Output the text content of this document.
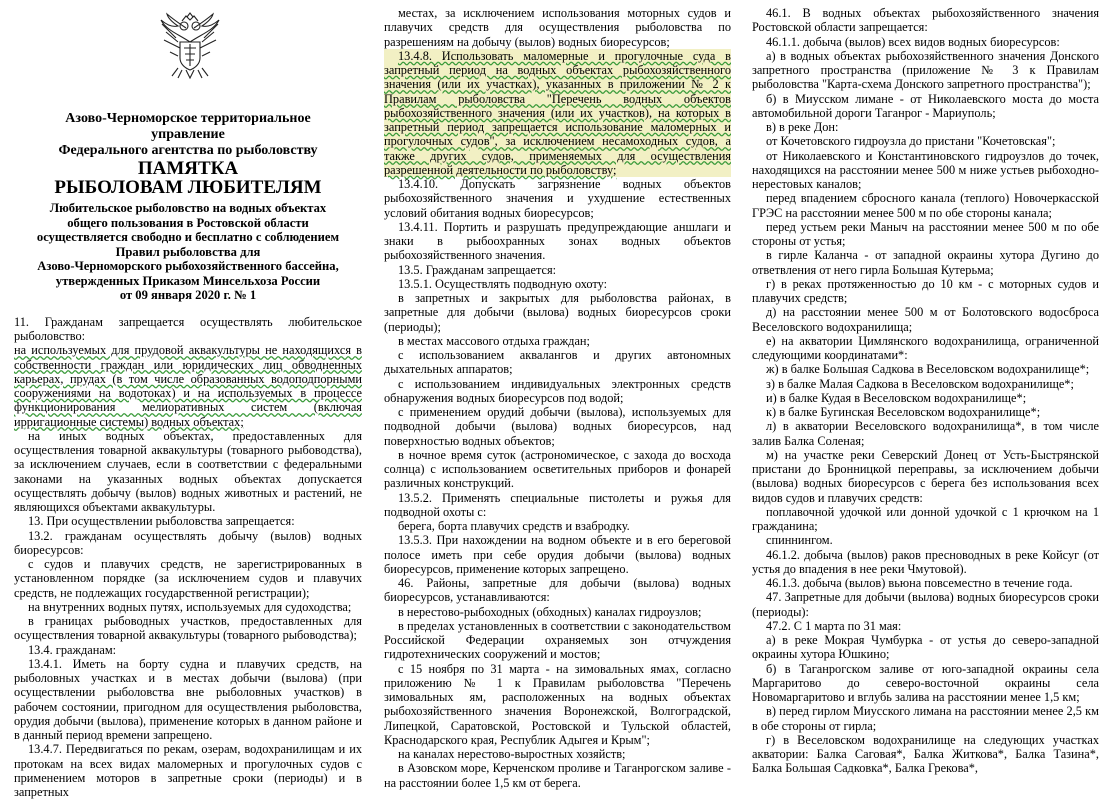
Азово-Черноморское территориальное
управление
Федерального агентства по рыболовству
ПАМЯТКА
РЫБОЛОВАМ ЛЮБИТЕЛЯМ
Любительское рыболовство на водных объектах
общего пользования в Ростовской области
осуществляется свободно и бесплатно с соблюдением
Правил рыболовства для
Азово-Черноморского рыбохозяйственного бассейна,
утвержденных Приказом Минсельхоза России
от 09 января 2020 г. № 1

11. Гражданам запрещается осуществлять любительское рыболовство:

на используемых для прудовой аквакультуры не находящихся в собственности граждан или юридических лиц обводненных карьерах, прудах (в том числе образованных водоподпорными сооружениями на водотоках) и на используемых в процессе функционирования мелиоративных систем (включая ирригационные системы) водных объектах;

на иных водных объектах, предоставленных для осуществления товарной аквакультуры (товарного рыбоводства), за исключением случаев, если в соответствии с федеральными законами на указанных водных объектах допускается осуществлять добычу (вылов) водных животных и растений, не являющихся объектами аквакультуры.

13. При осуществлении рыболовства запрещается:

13.2. гражданам осуществлять добычу (вылов) водных биоресурсов:

с судов и плавучих средств, не зарегистрированных в установленном порядке (за исключением судов и плавучих средств, не подлежащих государственной регистрации);

на внутренних водных путях, используемых для судоходства;

в границах рыбоводных участков, предоставленных для осуществления товарной аквакультуры (товарного рыбоводства);

13.4. гражданам:

13.4.1. Иметь на борту судна и плавучих средств, на рыболовных участках и в местах добычи (вылова) (при осуществлении рыболовства вне рыболовных участков) в рабочем состоянии, пригодном для осуществления рыболовства, орудия добычи (вылова), применение которых в данном районе и в данный период времени запрещено.

13.4.7. Передвигаться по рекам, озерам, водохранилищам и их протокам на всех видах маломерных и прогулочных судов с применением моторов в запретные сроки (периоды) и в запретных

местах, за исключением использования моторных судов и плавучих средств для осуществления рыболовства по разрешениям на добычу (вылов) водных биоресурсов;

13.4.8. Использовать маломерные и прогулочные суда в запретный период на водных объектах рыбохозяйственного значения (или их участках), указанных в приложении № 2 к Правилам рыболовства "Перечень водных объектов рыбохозяйственного значения (или их участков), на которых в запретный период запрещается использование маломерных и прогулочных судов", за исключением несамоходных судов, а также других судов, применяемых для осуществления разрешенной деятельности по рыболовству;

13.4.10. Допускать загрязнение водных объектов рыбохозяйственного значения и ухудшение естественных условий обитания водных биоресурсов;

13.4.11. Портить и разрушать предупреждающие аншлаги и знаки в рыбоохранных зонах водных объектов рыбохозяйственного значения.

13.5. Гражданам запрещается:

13.5.1. Осуществлять подводную охоту:

в запретных и закрытых для рыболовства районах, в запретные для добычи (вылова) водных биоресурсов сроки (периоды);

в местах массового отдыха граждан;

с использованием аквалангов и других автономных дыхательных аппаратов;

с использованием индивидуальных электронных средств обнаружения водных биоресурсов под водой;

с применением орудий добычи (вылова), используемых для подводной добычи (вылова) водных биоресурсов, над поверхностью водных объектов;

в ночное время суток (астрономическое, с захода до восхода солнца) с использованием осветительных приборов и фонарей различных конструкций.

13.5.2. Применять специальные пистолеты и ружья для подводной охоты с:

берега, борта плавучих средств и взабродку.

13.5.3. При нахождении на водном объекте и в его береговой полосе иметь при себе орудия добычи (вылова) водных биоресурсов, применение которых запрещено.

46. Районы, запретные для добычи (вылова) водных биоресурсов, устанавливаются:

в нерестово-рыбоходных (обходных) каналах гидроузлов;

в пределах установленных в соответствии с законодательством Российской Федерации охраняемых зон отчуждения гидротехнических сооружений и мостов;

с 15 ноября по 31 марта - на зимовальных ямах, согласно приложению № 1 к Правилам рыболовства "Перечень зимовальных ям, расположенных на водных объектах рыбохозяйственного значения Воронежской, Волгоградской, Липецкой, Саратовской, Ростовской и Тульской областей, Краснодарского края, Республик Адыгея и Крым";

на каналах нерестово-выростных хозяйств;

в Азовском море, Керченском проливе и Таганрогском заливе - на расстоянии более 1,5 км от берега.

46.1. В водных объектах рыбохозяйственного значения Ростовской области запрещается:

46.1.1. добыча (вылов) всех видов водных биоресурсов:

а) в водных объектах рыбохозяйственного значения Донского запретного пространства (приложение № 3 к Правилам рыболовства "Карта-схема Донского запретного пространства");

б) в Миусском лимане - от Николаевского моста до моста автомобильной дороги Таганрог - Мариуполь;

в) в реке Дон:

от Кочетовского гидроузла до пристани "Кочетовская";

от Николаевского и Константиновского гидроузлов до точек, находящихся на расстоянии менее 500 м ниже устьев рыбоходно-нерестовых каналов;

перед впадением сбросного канала (теплого) Новочеркасской ГРЭС на расстоянии менее 500 м по обе стороны канала;

перед устьем реки Маныч на расстоянии менее 500 м по обе стороны от устья;

в гирле Каланча - от западной окраины хутора Дугино до ответвления от него гирла Большая Кутерьма;

г) в реках протяженностью до 10 км - с моторных судов и плавучих средств;

д) на расстоянии менее 500 м от Болотовского водосброса Веселовского водохранилища;

е) на акватории Цимлянского водохранилища, ограниченной следующими координатами*:

ж) в балке Большая Садкова в Веселовском водохранилище*;

з) в балке Малая Садкова в Веселовском водохранилище*;

и) в балке Кудая в Веселовском водохранилище*;

к) в балке Бугинская Веселовском водохранилище*;

л) в акватории Веселовского водохранилища*, в том числе залив Балка Соленая;

м) на участке реки Северский Донец от Усть-Быстрянской пристани до Бронницкой переправы, за исключением добычи (вылова) водных биоресурсов с берега без использования всех видов судов и плавучих средств:

поплавочной удочкой или донной удочкой с 1 крючком на 1 гражданина;

спиннингом.

46.1.2. добыча (вылов) раков пресноводных в реке Койсуг (от устья до впадения в нее реки Чмутовой).

46.1.3. добыча (вылов) вьюна повсеместно в течение года.

47. Запретные для добычи (вылова) водных биоресурсов сроки (периоды):

47.2. С 1 марта по 31 мая:

а) в реке Мокрая Чумбурка - от устья до северо-западной окраины хутора Юшкино;

б) в Таганрогском заливе от юго-западной окраины села Маргаритово до северо-восточной окраины села Новомаргаритово и вглубь залива на расстоянии менее 1,5 км;

в) перед гирлом Миусского лимана на расстоянии менее 2,5 км в обе стороны от гирла;

г) в Веселовском водохранилище на следующих участках акватории: Балка Саговая*, Балка Житкова*, Балка Тазина*, Балка Большая Садковка*, Балка Грекова*,
